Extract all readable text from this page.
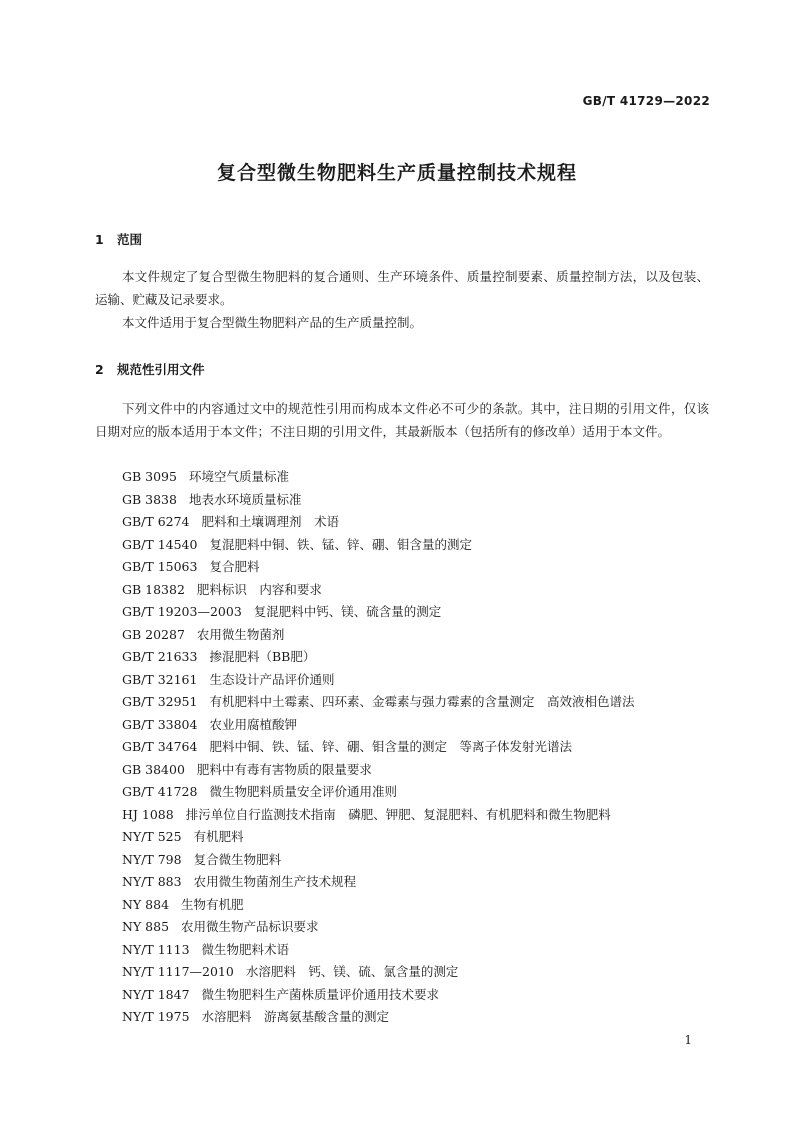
GB/T 41729—2022
复合型微生物肥料生产质量控制技术规程
1 范围

本文件规定了复合型微生物肥料的复合通则、生产环境条件、质量控制要素、质量控制方法，以及包装、运输、贮藏及记录要求。

本文件适用于复合型微生物肥料产品的生产质量控制。

2 规范性引用文件

下列文件中的内容通过文中的规范性引用而构成本文件必不可少的条款。其中，注日期的引用文件，仅该日期对应的版本适用于本文件；不注日期的引用文件，其最新版本（包括所有的修改单）适用于本文件。

GB 3095 环境空气质量标准
GB 3838 地表水环境质量标准
GB/T 6274 肥料和土壤调理剂　术语
GB/T 14540 复混肥料中铜、铁、锰、锌、硼、钼含量的测定
GB/T 15063 复合肥料
GB 18382 肥料标识　内容和要求
GB/T 19203—2003 复混肥料中钙、镁、硫含量的测定
GB 20287 农用微生物菌剂
GB/T 21633 掺混肥料（BB肥）
GB/T 32161 生态设计产品评价通则
GB/T 32951 有机肥料中土霉素、四环素、金霉素与强力霉素的含量测定　高效液相色谱法
GB/T 33804 农业用腐植酸钾
GB/T 34764 肥料中铜、铁、锰、锌、硼、钼含量的测定　等离子体发射光谱法
GB 38400 肥料中有毒有害物质的限量要求
GB/T 41728 微生物肥料质量安全评价通用准则
HJ 1088 排污单位自行监测技术指南　磷肥、钾肥、复混肥料、有机肥料和微生物肥料
NY/T 525 有机肥料
NY/T 798 复合微生物肥料
NY/T 883 农用微生物菌剂生产技术规程
NY 884 生物有机肥
NY 885 农用微生物产品标识要求
NY/T 1113 微生物肥料术语
NY/T 1117—2010 水溶肥料　钙、镁、硫、氯含量的测定
NY/T 1847 微生物肥料生产菌株质量评价通用技术要求
NY/T 1975 水溶肥料　游离氨基酸含量的测定
1
